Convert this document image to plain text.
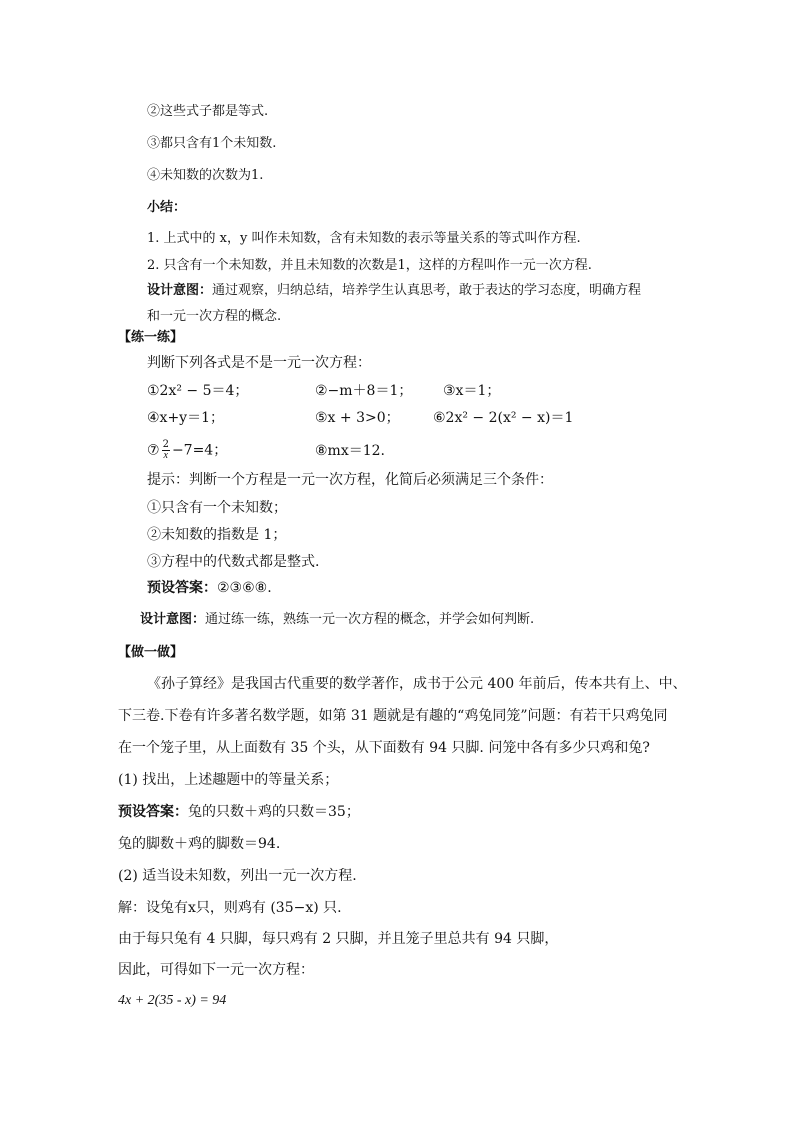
②这些式子都是等式.
③都只含有1个未知数.
④未知数的次数为1.
小结：
1. 上式中的 x，y 叫作未知数，含有未知数的表示等量关系的等式叫作方程.
2. 只含有一个未知数，并且未知数的次数是1，这样的方程叫作一元一次方程.
设计意图：通过观察，归纳总结，培养学生认真思考，敢于表达的学习态度，明确方程
和一元一次方程的概念.
【练一练】
判断下列各式是不是一元一次方程：
①2x² − 5＝4；	②−m＋8＝1； ③x＝1；
④x+y＝1；	⑤x + 3>0； ⑥2x² − 2(x² − x)＝1
⑦ $\frac{2}{x} -7=4$；	⑧mx＝12.
提示：判断一个方程是一元一次方程，化简后必须满足三个条件：
①只含有一个未知数；
②未知数的指数是 1；
③方程中的代数式都是整式.
预设答案：②③⑥⑧.
设计意图：通过练一练，熟练一元一次方程的概念，并学会如何判断.
【做一做】
《孙子算经》是我国古代重要的数学著作，成书于公元 400 年前后，传本共有上、中、
下三卷.下卷有许多著名数学题，如第 31 题就是有趣的“鸡兔同笼”问题：有若干只鸡兔同
在一个笼子里，从上面数有 35 个头，从下面数有 94 只脚. 问笼中各有多少只鸡和兔?
(1) 找出，上述趣题中的等量关系；
预设答案：兔的只数＋鸡的只数＝35；
兔的脚数＋鸡的脚数＝94.
(2) 适当设未知数，列出一元一次方程.
解：设兔有x只，则鸡有 (35−x) 只.
由于每只兔有 4 只脚，每只鸡有 2 只脚，并且笼子里总共有 94 只脚，
因此，可得如下一元一次方程：
4x + 2(35 - x) = 94
